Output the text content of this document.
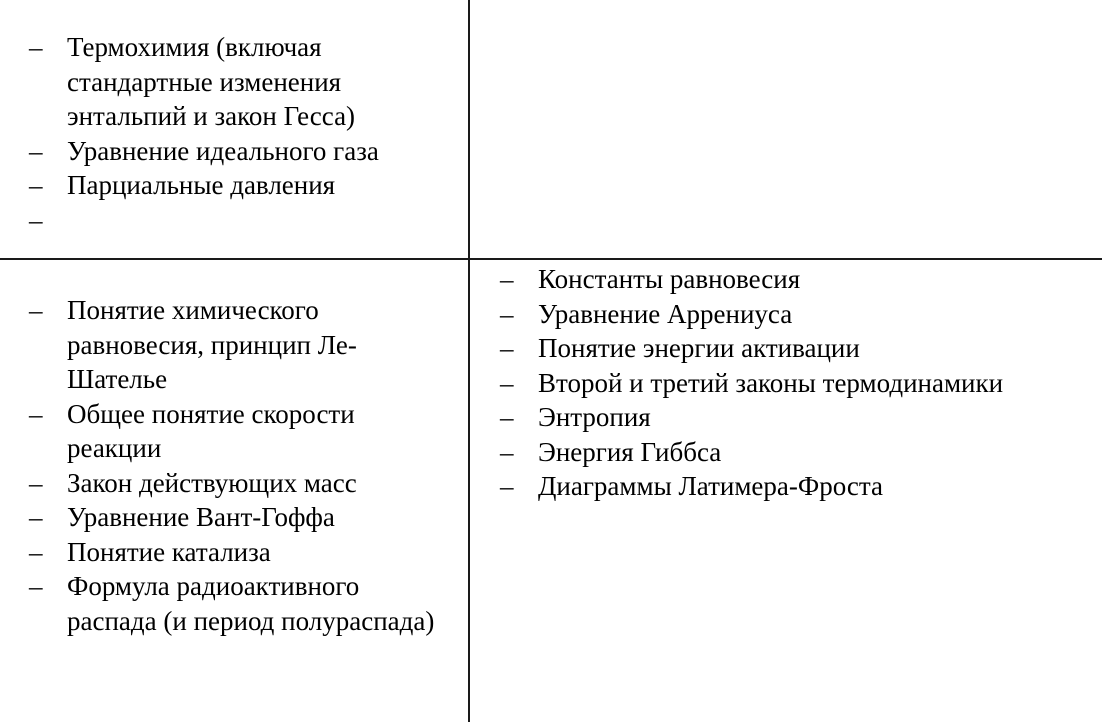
– Термохимия (включая стандартные изменения энтальпий и закон Гесса)
– Уравнение идеального газа
– Парциальные давления
– Понятие химического равновесия, принцип Ле-Шателье
– Общее понятие скорости реакции
– Закон действующих масс
– Уравнение Вант-Гоффа
– Понятие катализа
– Формула радиоактивного распада (и период полураспада)
– Константы равновесия
– Уравнение Аррениуса
– Понятие энергии активации
– Второй и третий законы термодинамики
– Энтропия
– Энергия Гиббса
– Диаграммы Латимера-Фроста
